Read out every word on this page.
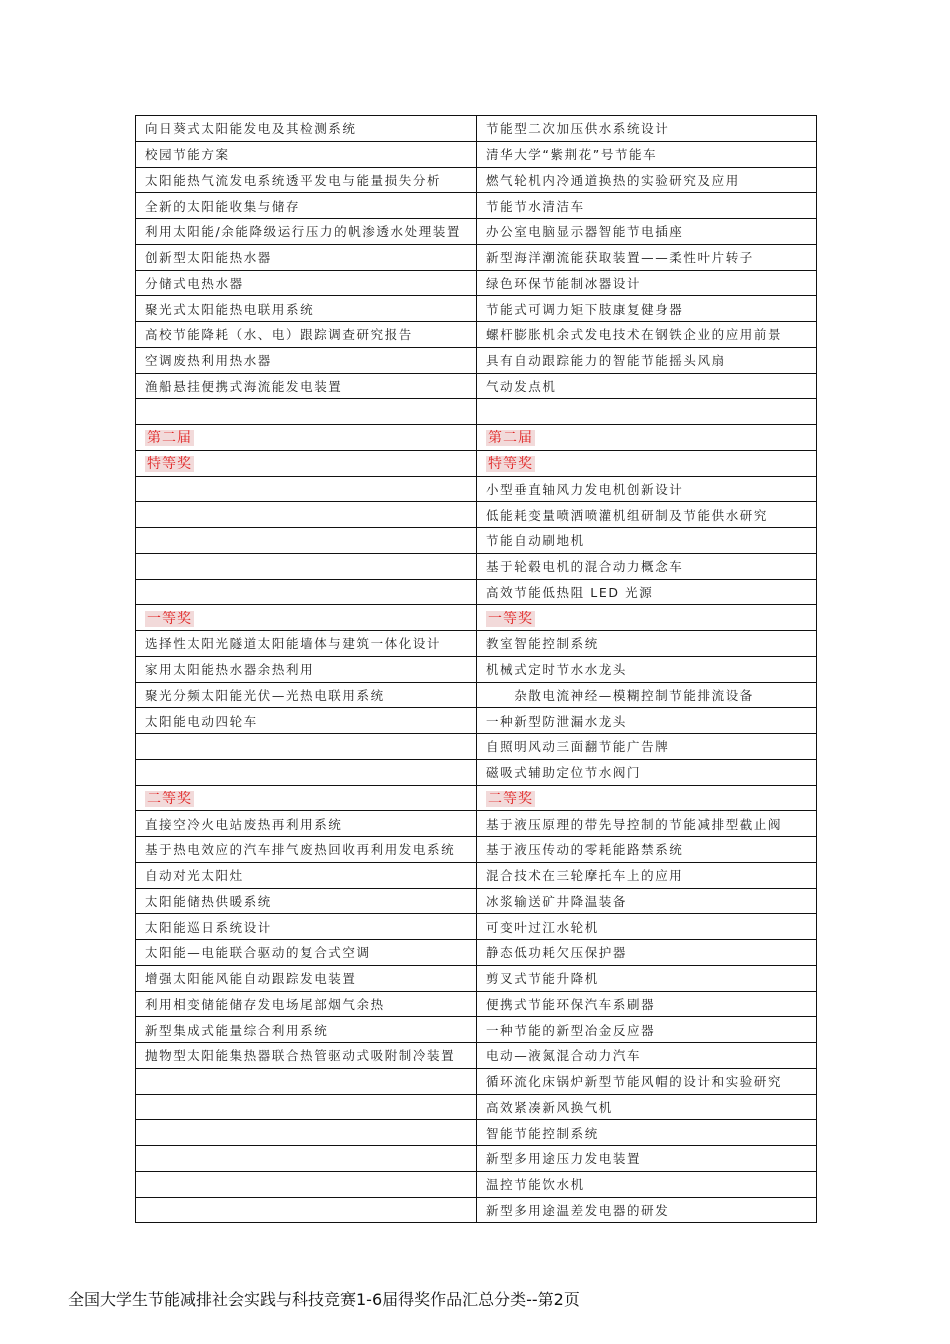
向日葵式太阳能发电及其检测系统	节能型二次加压供水系统设计
校园节能方案	清华大学“紫荆花”号节能车
太阳能热气流发电系统透平发电与能量损失分析	燃气轮机内冷通道换热的实验研究及应用
全新的太阳能收集与储存	节能节水清洁车
利用太阳能/余能降级运行压力的帆渗透水处理装置	办公室电脑显示器智能节电插座
创新型太阳能热水器	新型海洋潮流能获取装置——柔性叶片转子
分储式电热水器	绿色环保节能制冰器设计
聚光式太阳能热电联用系统	节能式可调力矩下肢康复健身器
高校节能降耗（水、电）跟踪调查研究报告	螺杆膨胀机余式发电技术在钢铁企业的应用前景
空调废热利用热水器	具有自动跟踪能力的智能节能摇头风扇
渔船悬挂便携式海流能发电装置	气动发点机

第二届	第二届
特等奖	特等奖
	小型垂直轴风力发电机创新设计
	低能耗变量喷洒喷灌机组研制及节能供水研究
	节能自动刷地机
	基于轮毂电机的混合动力概念车
	高效节能低热阻 LED 光源
一等奖	一等奖
选择性太阳光隧道太阳能墙体与建筑一体化设计	教室智能控制系统
家用太阳能热水器余热利用	机械式定时节水水龙头
聚光分频太阳能光伏—光热电联用系统	　　杂散电流神经—模糊控制节能排流设备
太阳能电动四轮车	一种新型防泄漏水龙头
	自照明风动三面翻节能广告牌
	磁吸式辅助定位节水阀门
二等奖	二等奖
直接空冷火电站废热再利用系统	基于液压原理的带先导控制的节能减排型截止阀
基于热电效应的汽车排气废热回收再利用发电系统	基于液压传动的零耗能路禁系统
自动对光太阳灶	混合技术在三轮摩托车上的应用
太阳能储热供暖系统	冰浆输送矿井降温装备
太阳能巡日系统设计	可变叶过江水轮机
太阳能—电能联合驱动的复合式空调	静态低功耗欠压保护器
增强太阳能风能自动跟踪发电装置	剪叉式节能升降机
利用相变储能储存发电场尾部烟气余热	便携式节能环保汽车系刷器
新型集成式能量综合利用系统	一种节能的新型冶金反应器
抛物型太阳能集热器联合热管驱动式吸附制冷装置	电动—液氮混合动力汽车
	循环流化床锅炉新型节能风帽的设计和实验研究
	高效紧凑新风换气机
	智能节能控制系统
	新型多用途压力发电装置
	温控节能饮水机
	新型多用途温差发电器的研发
全国大学生节能减排社会实践与科技竞赛1-6届得奖作品汇总分类--第2页
